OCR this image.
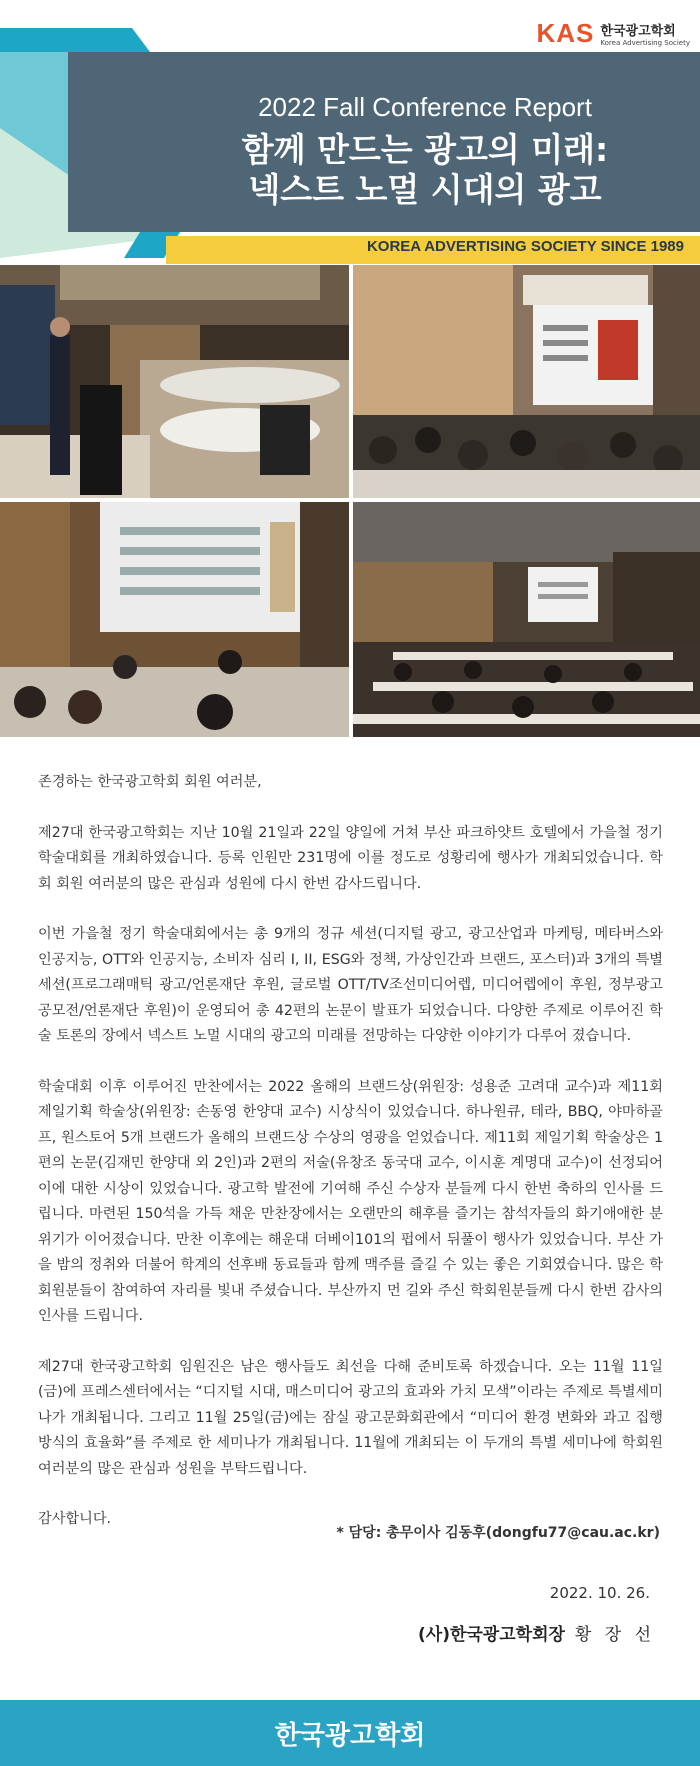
KAS 한국광고학회
Korea Advertising Society
2022 Fall Conference Report
함께 만드는 광고의 미래:
넥스트 노멀 시대의 광고
KOREA ADVERTISING SOCIETY SINCE 1989

존경하는 한국광고학회 회원 여러분,

제27대 한국광고학회는 지난 10월 21일과 22일 양일에 거쳐 부산 파크하얏트 호텔에서 가을철 정기 학술대회를 개최하였습니다. 등록 인원만 231명에 이를 정도로 성황리에 행사가 개최되었습니다. 학회 회원 여러분의 많은 관심과 성원에 다시 한번 감사드립니다.

이번 가을철 정기 학술대회에서는 총 9개의 정규 세션(디지털 광고, 광고산업과 마케팅, 메타버스와 인공지능, OTT와 인공지능, 소비자 심리 I, II, ESG와 정책, 가상인간과 브랜드, 포스터)과 3개의 특별세션(프로그래매틱 광고/언론재단 후원, 글로벌 OTT/TV조선미디어렙, 미디어렙에이 후원, 정부광고 공모전/언론재단 후원)이 운영되어 총 42편의 논문이 발표가 되었습니다. 다양한 주제로 이루어진 학술 토론의 장에서 넥스트 노멀 시대의 광고의 미래를 전망하는 다양한 이야기가 다루어 졌습니다.

학술대회 이후 이루어진 만찬에서는 2022 올해의 브랜드상(위원장: 성용준 고려대 교수)과 제11회 제일기획 학술상(위원장: 손동영 한양대 교수) 시상식이 있었습니다. 하나원큐, 테라, BBQ, 야마하골프, 원스토어 5개 브랜드가 올해의 브랜드상 수상의 영광을 얻었습니다. 제11회 제일기획 학술상은 1편의 논문(김재민 한양대 외 2인)과 2편의 저술(유창조 동국대 교수, 이시훈 계명대 교수)이 선정되어 이에 대한 시상이 있었습니다. 광고학 발전에 기여해 주신 수상자 분들께 다시 한번 축하의 인사를 드립니다. 마련된 150석을 가득 채운 만찬장에서는 오랜만의 해후를 즐기는 참석자들의 화기애애한 분위기가 이어졌습니다. 만찬 이후에는 해운대 더베이101의 펍에서 뒤풀이 행사가 있었습니다. 부산 가을 밤의 정취와 더불어 학계의 선후배 동료들과 함께 맥주를 즐길 수 있는 좋은 기회였습니다. 많은 학회원분들이 참여하여 자리를 빛내 주셨습니다. 부산까지 먼 길와 주신 학회원분들께 다시 한번 감사의 인사를 드립니다.

제27대 한국광고학회 임원진은 남은 행사들도 최선을 다해 준비토록 하겠습니다. 오는 11월 11일(금)에 프레스센터에서는 “디지털 시대, 매스미디어 광고의 효과와 가치 모색”이라는 주제로 특별세미나가 개최됩니다. 그리고 11월 25일(금)에는 잠실 광고문화회관에서 “미디어 환경 변화와 과고 집행 방식의 효율화”를 주제로 한 세미나가 개최됩니다. 11월에 개최되는 이 두개의 특별 세미나에 학회원 여러분의 많은 관심과 성원을 부탁드립니다.

감사합니다.

* 담당: 총무이사 김동후(dongfu77@cau.ac.kr)
2022. 10. 26.
(사)한국광고학회장 황 장 선
한국광고학회
